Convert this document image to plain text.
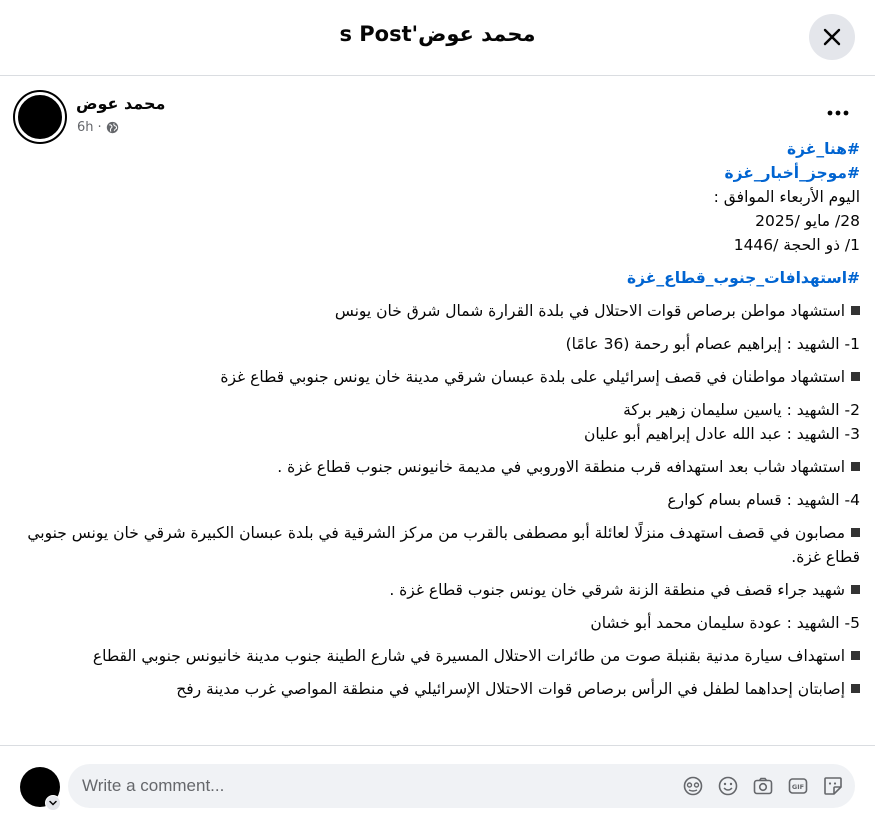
s Post'محمد عوض
محمد عوض
6h ·
#هنا_غزة
#موجز_أخبار_غزة
اليوم الأربعاء الموافق :
28/ مايو /2025
1/ ذو الحجة /1446
#استهدافات_جنوب_قطاع_غزة
استشهاد مواطن برصاص قوات الاحتلال في بلدة القرارة شمال شرق خان يونس
1- الشهيد : إبراهيم عصام أبو رحمة (36 عامًا)
استشهاد مواطنان في قصف إسرائيلي على بلدة عبسان شرقي مدينة خان يونس جنوبي قطاع غزة
2- الشهيد : ياسين سليمان زهير بركة
3- الشهيد : عبد الله عادل إبراهيم أبو عليان
استشهاد شاب بعد استهدافه قرب منطقة الاوروبي في مديمة خانيونس جنوب قطاع غزة .
4- الشهيد : قسام بسام كوارع
مصابون في قصف استهدف منزلًا لعائلة أبو مصطفى بالقرب من مركز الشرقية في بلدة عبسان الكبيرة شرقي خان يونس جنوبي قطاع غزة.
شهيد جراء قصف في منطقة الزنة شرقي خان يونس جنوب قطاع غزة .
5- الشهيد : عودة سليمان محمد أبو خشان
استهداف سيارة مدنية بقنبلة صوت من طائرات الاحتلال المسيرة في شارع الطينة جنوب مدينة خانيونس جنوبي القطاع
إصابتان إحداهما لطفل في الرأس برصاص قوات الاحتلال الإسرائيلي في منطقة المواصي غرب مدينة رفح
Write a comment...
GIF
